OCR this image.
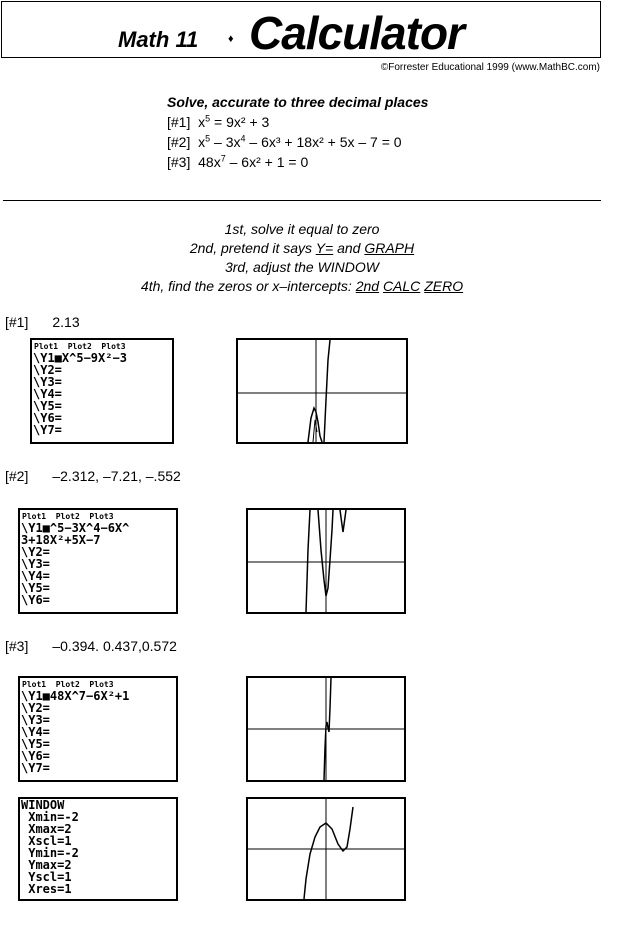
Math 11	♦ Calculator
©Forrester Educational 1999 (www.MathBC.com)
Solve, accurate to three decimal places
[#1] $x^5 = 9x^2 + 3$
[#2] $x^5 - 3x^4 - 6x^3 + 18x^2 + 5x - 7 = 0$
[#3] $48x^7 - 6x^2 + 1 = 0$
1st, solve it equal to zero
2nd, pretend it says Y= and GRAPH
3rd, adjust the WINDOW
4th, find the zeros or x–intercepts: 2nd CALC ZERO
[#1] 2.13
Plot1  Plot2  Plot3
\Y1■X^5−9X²−3
\Y2=
\Y3=
\Y4=
\Y5=
\Y6=
\Y7=
[#2] –2.312, –7.21, –.552
Plot1  Plot2  Plot3
\Y1■^5−3X^4−6X^
3+18X²+5X−7
\Y2=
\Y3=
\Y4=
\Y5=
\Y6=
[#3] –0.394. 0.437,0.572
Plot1  Plot2  Plot3
\Y1■48X^7−6X²+1
\Y2=
\Y3=
\Y4=
\Y5=
\Y6=
\Y7=
WINDOW
Xmin=-2
Xmax=2
Xscl=1
Ymin=-2
Ymax=2
Yscl=1
Xres=1
